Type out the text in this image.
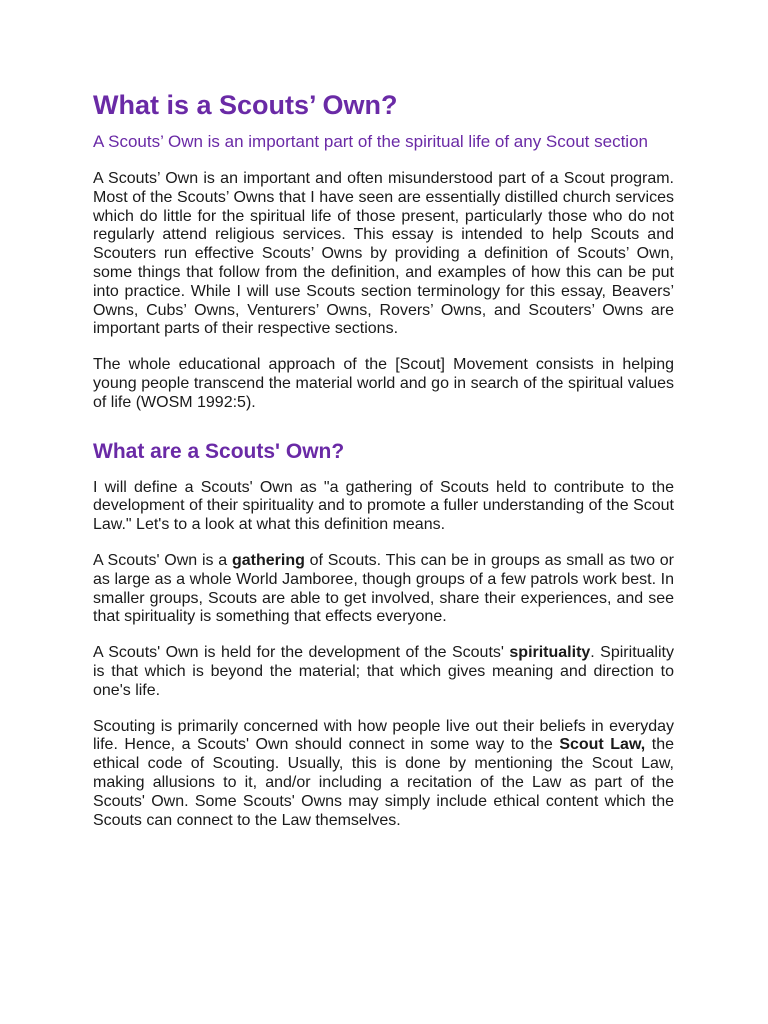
What is a Scouts’ Own?

A Scouts’ Own is an important part of the spiritual life of any Scout section

A Scouts’ Own is an important and often misunderstood part of a Scout program. Most of the Scouts’ Owns that I have seen are essentially distilled church services which do little for the spiritual life of those present, particularly those who do not regularly attend religious services. This essay is intended to help Scouts and Scouters run effective Scouts’ Owns by providing a definition of Scouts’ Own, some things that follow from the definition, and examples of how this can be put into practice. While I will use Scouts section terminology for this essay, Beavers’ Owns, Cubs’ Owns, Venturers’ Owns, Rovers’ Owns, and Scouters’ Owns are important parts of their respective sections.

The whole educational approach of the [Scout] Movement consists in helping young people transcend the material world and go in search of the spiritual values of life (WOSM 1992:5).

What are a Scouts' Own?

I will define a Scouts' Own as "a gathering of Scouts held to contribute to the development of their spirituality and to promote a fuller understanding of the Scout Law." Let's to a look at what this definition means.

A Scouts' Own is a gathering of Scouts. This can be in groups as small as two or as large as a whole World Jamboree, though groups of a few patrols work best. In smaller groups, Scouts are able to get involved, share their experiences, and see that spirituality is something that effects everyone.

A Scouts' Own is held for the development of the Scouts' spirituality. Spirituality is that which is beyond the material; that which gives meaning and direction to one's life.

Scouting is primarily concerned with how people live out their beliefs in everyday life. Hence, a Scouts' Own should connect in some way to the Scout Law, the ethical code of Scouting. Usually, this is done by mentioning the Scout Law, making allusions to it, and/or including a recitation of the Law as part of the Scouts' Own. Some Scouts' Owns may simply include ethical content which the Scouts can connect to the Law themselves.
